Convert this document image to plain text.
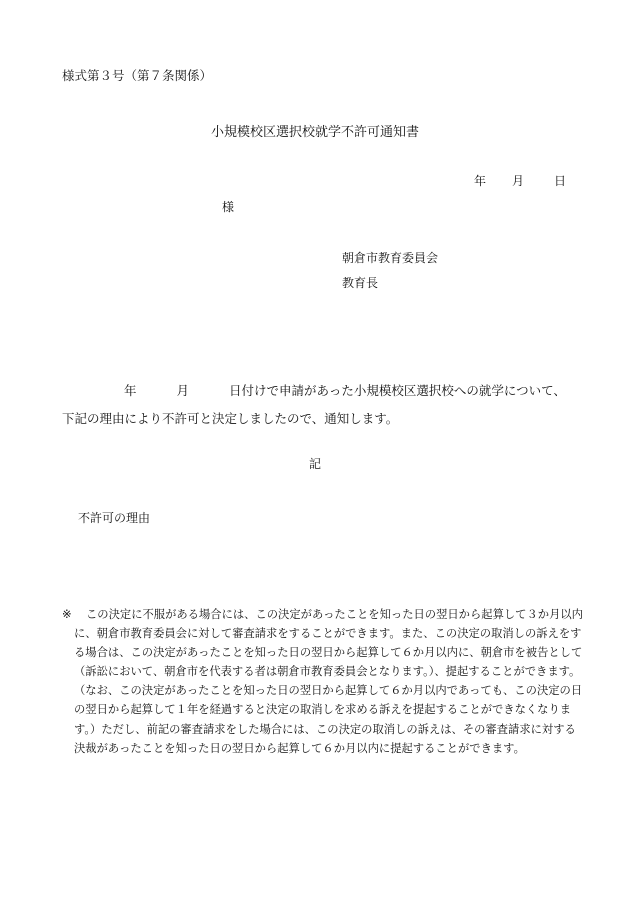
様式第３号（第７条関係）
小規模校区選択校就学不許可通知書
年 月 日
様
朝倉市教育委員会
教育長
年	月	日付けで申請があった小規模校区選択校への就学について、下記の理由により不許可と決定しましたので、通知します。
記
不許可の理由
※ この決定に不服がある場合には、この決定があったことを知った日の翌日から起算して３か月以内に、朝倉市教育委員会に対して審査請求をすることができます。また、この決定の取消しの訴えをする場合は、この決定があったことを知った日の翌日から起算して６か月以内に、朝倉市を被告として（訴訟において、朝倉市を代表する者は朝倉市教育委員会となります。）、提起することができます。（なお、この決定があったことを知った日の翌日から起算して６か月以内であっても、この決定の日の翌日から起算して１年を経過すると決定の取消しを求める訴えを提起することができなくなります。）ただし、前記の審査請求をした場合には、この決定の取消しの訴えは、その審査請求に対する決裁があったことを知った日の翌日から起算して６か月以内に提起することができます。
